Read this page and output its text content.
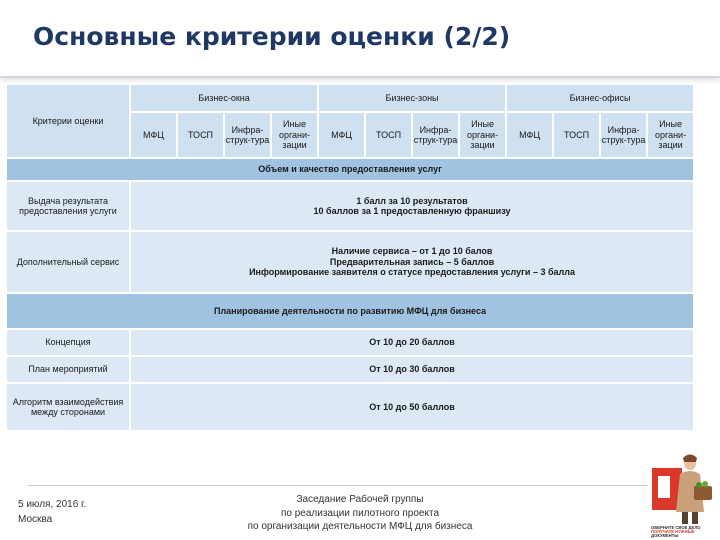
Основные критерии оценки (2/2)
Критерии оценки	Бизнес-окна				Бизнес-зоны				Бизнес-офисы			
	МФЦ	ТОСП	Инфра-струк-тура	Иные органи-зации	МФЦ	ТОСП	Инфра-струк-тура	Иные органи-зации	МФЦ	ТОСП	Инфра-струк-тура	Иные органи-зации
Объем и качество предоставления услуг												
Выдача результата предоставления услуги	1 балл за 10 результатов
10 баллов за 1 предоставленную франшизу											

Дополнительный сервис	Наличие сервиса – от 1 до 10 балов
Предварительная запись – 5 баллов
Информирование заявителя о статусе предоставления услуги – 3 балла											

Планирование деятельности по развитию МФЦ для бизнеса												
Концепция	От 10 до 20 баллов											
План мероприятий	От 10 до 30 баллов											
Алгоритм взаимодействия между сторонами	От 10 до 50 баллов											
5 июля, 2016 г.
Москва
Заседание Рабочей группы
по реализации пилотного проекта
по организации деятельности МФЦ для бизнеса	ОБЕРНИТЕ СВОЕ ДЕЛО
ПОЛУЧИТЕ НУЖНЫЕ
ДОКУМЕНТЫ
